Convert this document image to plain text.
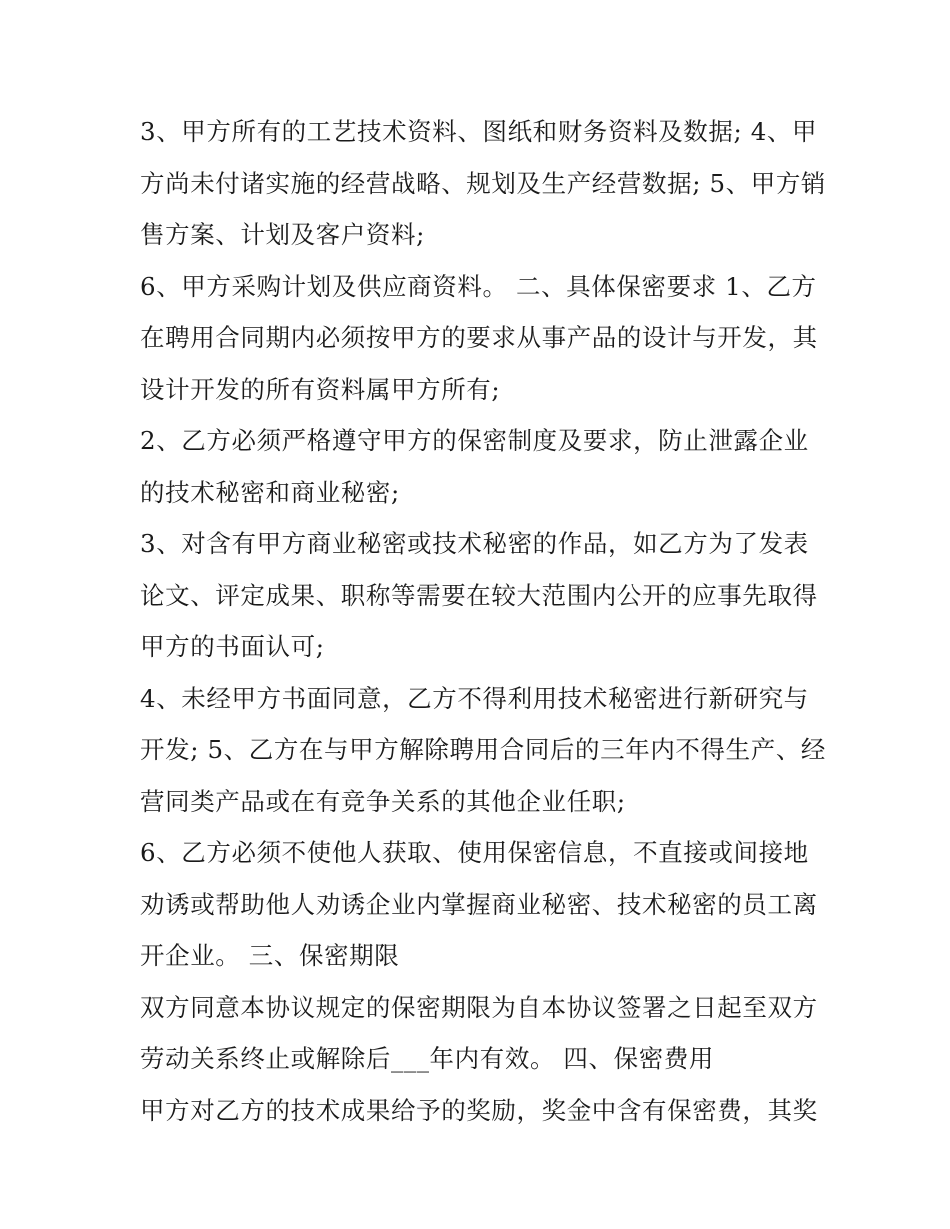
3、甲方所有的工艺技术资料、图纸和财务资料及数据; 4、甲
方尚未付诸实施的经营战略、规划及生产经营数据; 5、甲方销
售方案、计划及客户资料;
6、甲方采购计划及供应商资料。 二、具体保密要求 1、乙方
在聘用合同期内必须按甲方的要求从事产品的设计与开发，其
设计开发的所有资料属甲方所有;
2、乙方必须严格遵守甲方的保密制度及要求，防止泄露企业
的技术秘密和商业秘密;
3、对含有甲方商业秘密或技术秘密的作品，如乙方为了发表
论文、评定成果、职称等需要在较大范围内公开的应事先取得
甲方的书面认可;
4、未经甲方书面同意，乙方不得利用技术秘密进行新研究与
开发; 5、乙方在与甲方解除聘用合同后的三年内不得生产、经
营同类产品或在有竞争关系的其他企业任职;
6、乙方必须不使他人获取、使用保密信息，不直接或间接地
劝诱或帮助他人劝诱企业内掌握商业秘密、技术秘密的员工离
开企业。 三、保密期限
双方同意本协议规定的保密期限为自本协议签署之日起至双方
劳动关系终止或解除后___年内有效。 四、保密费用
甲方对乙方的技术成果给予的奖励，奖金中含有保密费，其奖
